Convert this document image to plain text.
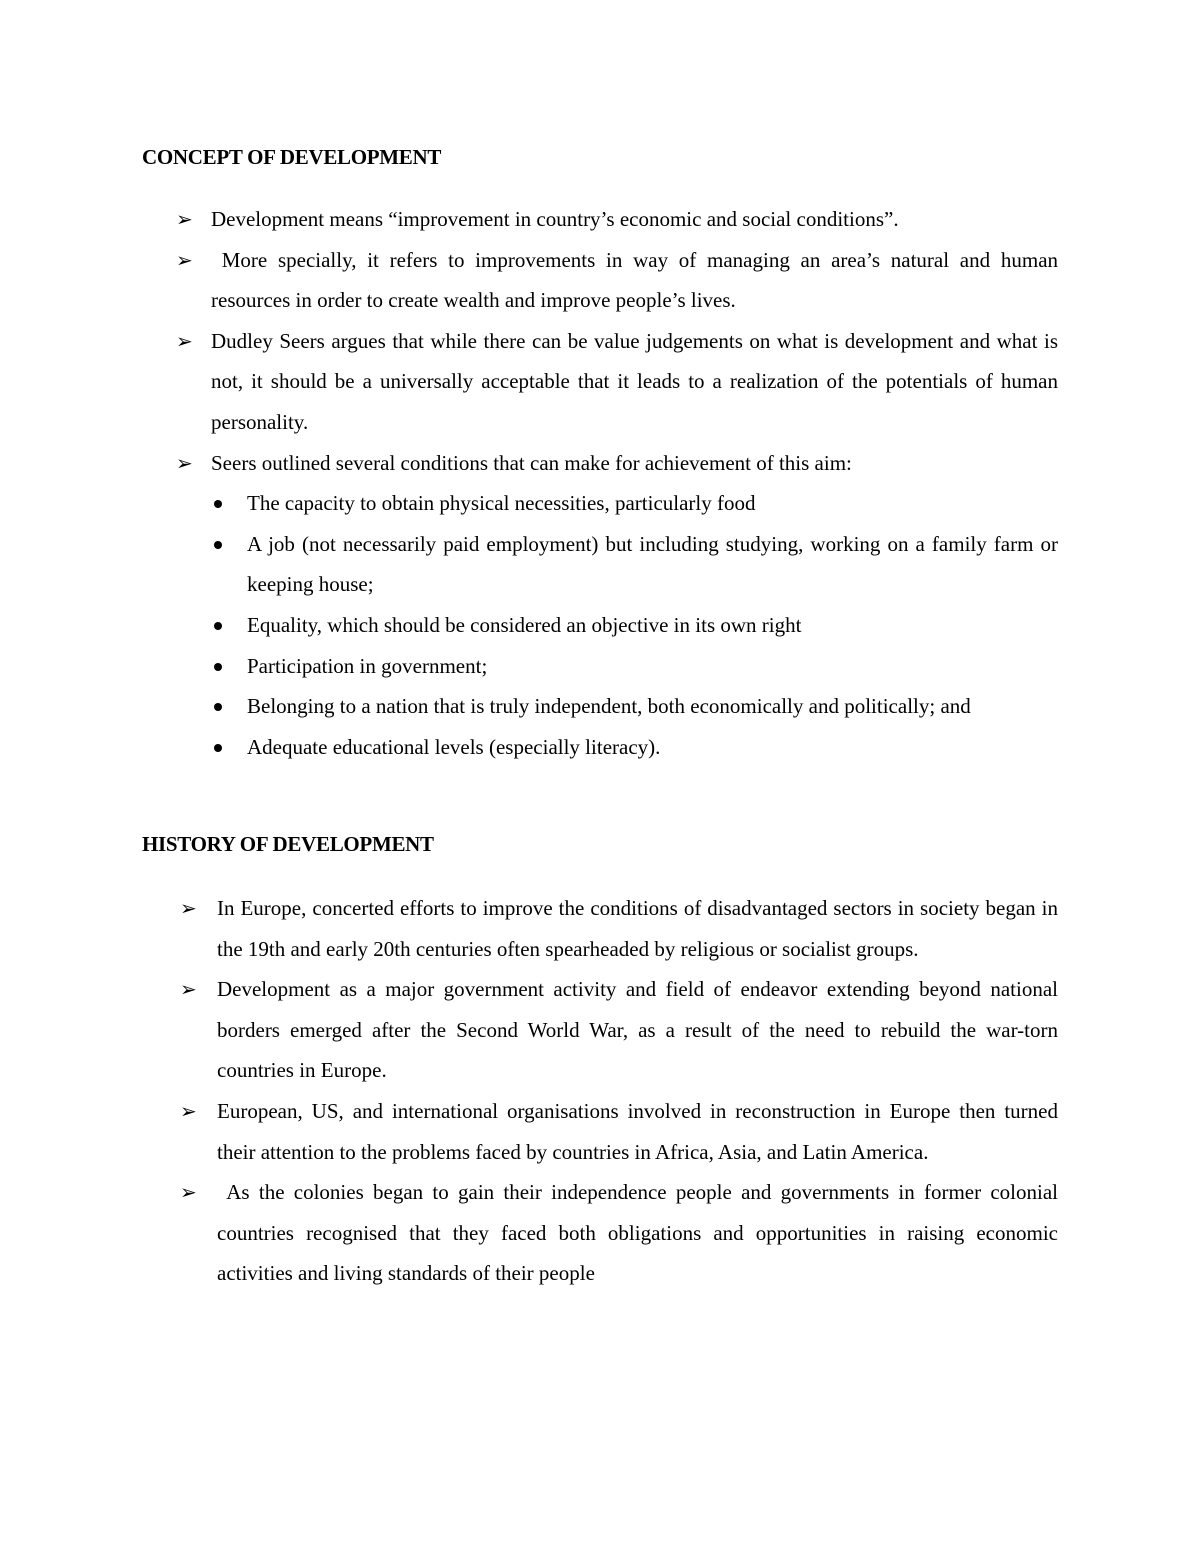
CONCEPT OF DEVELOPMENT
➢ Development means “improvement in country’s economic and social conditions”.
➢ More specially, it refers to improvements in way of managing an area’s natural and human resources in order to create wealth and improve people’s lives.
➢ Dudley Seers argues that while there can be value judgements on what is development and what is not, it should be a universally acceptable that it leads to a realization of the potentials of human personality.
➢ Seers outlined several conditions that can make for achievement of this aim:
The capacity to obtain physical necessities, particularly food
A job (not necessarily paid employment) but including studying, working on a family farm or keeping house;
Equality, which should be considered an objective in its own right
Participation in government;
Belonging to a nation that is truly independent, both economically and politically; and
Adequate educational levels (especially literacy).
HISTORY OF DEVELOPMENT
➢ In Europe, concerted efforts to improve the conditions of disadvantaged sectors in society began in the 19th and early 20th centuries often spearheaded by religious or socialist groups.
➢ Development as a major government activity and field of endeavor extending beyond national borders emerged after the Second World War, as a result of the need to rebuild the war-torn countries in Europe.
➢ European, US, and international organisations involved in reconstruction in Europe then turned their attention to the problems faced by countries in Africa, Asia, and Latin America.
➢ As the colonies began to gain their independence people and governments in former colonial countries recognised that they faced both obligations and opportunities in raising economic activities and living standards of their people
